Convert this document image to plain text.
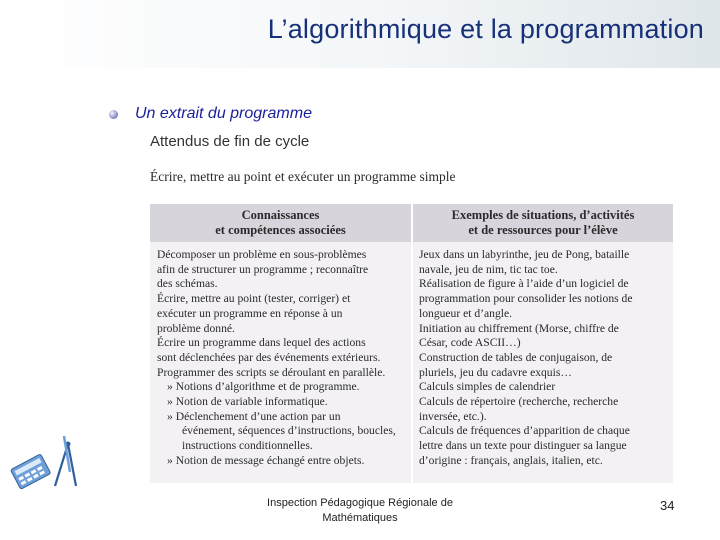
L’algorithmique et la programmation
Un extrait du programme
Attendus de fin de cycle
Écrire, mettre au point et exécuter un programme simple
Connaissances
et compétences associées
Exemples de situations, d’activités
et de ressources pour l’élève
Décomposer un problème en sous-problèmes
afin de structurer un programme ; reconnaître
des schémas.
Écrire, mettre au point (tester, corriger) et
exécuter un programme en réponse à un
problème donné.
Écrire un programme dans lequel des actions
sont déclenchées par des événements extérieurs.
Programmer des scripts se déroulant en parallèle.
» Notions d’algorithme et de programme.
» Notion de variable informatique.
» Déclenchement d’une action par un
événement, séquences d’instructions, boucles,
instructions conditionnelles.
» Notion de message échangé entre objets.
Jeux dans un labyrinthe, jeu de Pong, bataille
navale, jeu de nim, tic tac toe.
Réalisation de figure à l’aide d’un logiciel de
programmation pour consolider les notions de
longueur et d’angle.
Initiation au chiffrement (Morse, chiffre de
César, code ASCII…)
Construction de tables de conjugaison, de
pluriels, jeu du cadavre exquis…
Calculs simples de calendrier
Calculs de répertoire (recherche, recherche
inversée, etc.).
Calculs de fréquences d’apparition de chaque
lettre dans un texte pour distinguer sa langue
d’origine : français, anglais, italien, etc.
Inspection Pédagogique Régionale de
Mathématiques
34
